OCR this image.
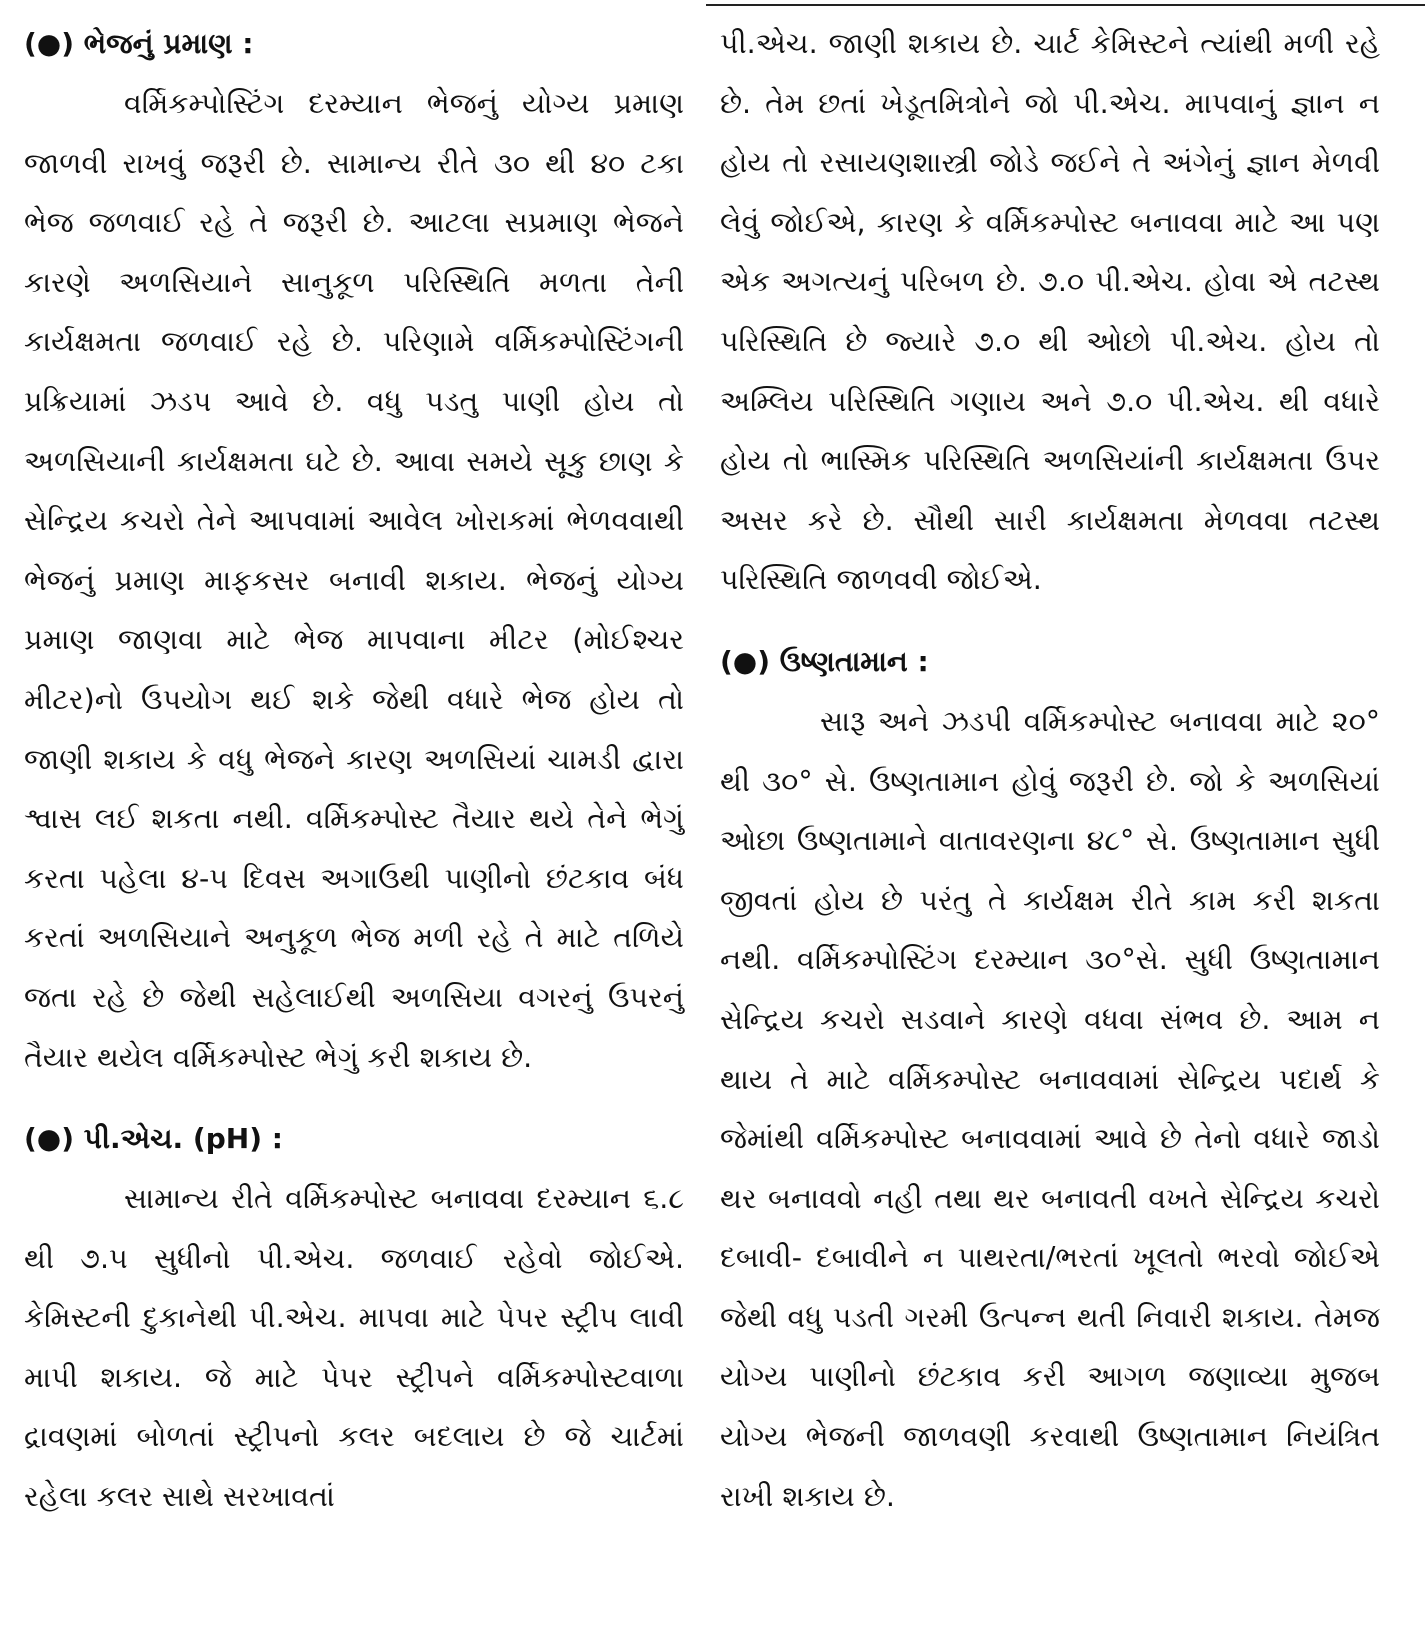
(●) ભેજનું પ્રમાણ :

વર્મિકમ્પોસ્ટિંગ દરમ્યાન ભેજનું યોગ્ય પ્રમાણ જાળવી રાખવું જરૂરી છે. સામાન્ય રીતે ૩૦ થી ૪૦ ટકા ભેજ જળવાઈ રહે તે જરૂરી છે. આટલા સપ્રમાણ ભેજને કારણે અળસિયાને સાનુકૂળ પરિસ્થિતિ મળતા તેની કાર્યક્ષમતા જળવાઈ રહે છે. પરિણામે વર્મિકમ્પોસ્ટિંગની પ્રક્રિયામાં ઝડપ આવે છે. વધુ પડતુ પાણી હોય તો અળસિયાની કાર્યક્ષમતા ઘટે છે. આવા સમયે સૂકુ છાણ કે સેન્દ્રિય કચરો તેને આપવામાં આવેલ ખોરાકમાં ભેળવવાથી ભેજનું પ્રમાણ માફકસર બનાવી શકાય. ભેજનું યોગ્ય પ્રમાણ જાણવા માટે ભેજ માપવાના મીટર (મોઈશ્ચર મીટર)નો ઉપયોગ થઈ શકે જેથી વધારે ભેજ હોય તો જાણી શકાય કે વધુ ભેજને કારણ અળસિયાં ચામડી દ્વારા શ્વાસ લઈ શકતા નથી. વર્મિકમ્પોસ્ટ તૈયાર થયે તેને ભેગું કરતા પહેલા ૪-૫ દિવસ અગાઉથી પાણીનો છંટકાવ બંધ કરતાં અળસિયાને અનુકૂળ ભેજ મળી રહે તે માટે તળિયે જતા રહે છે જેથી સહેલાઈથી અળસિયા વગરનું ઉપરનું તૈયાર થયેલ વર્મિકમ્પોસ્ટ ભેગું કરી શકાય છે.

(●) પી.એચ. (pH) :

સામાન્ય રીતે વર્મિકમ્પોસ્ટ બનાવવા દરમ્યાન ૬.૮ થી ૭.૫ સુધીનો પી.એચ. જળવાઈ રહેવો જોઈએ. કેમિસ્ટની દુકાનેથી પી.એચ. માપવા માટે પેપર સ્ટ્રીપ લાવી માપી શકાય. જે માટે પેપર સ્ટ્રીપને વર્મિકમ્પોસ્ટવાળા દ્રાવણમાં બોળતાં સ્ટ્રીપનો કલર બદલાય છે જે ચાર્ટમાં રહેલા કલર સાથે સરખાવતાં

પી.એચ. જાણી શકાય છે. ચાર્ટ કેમિસ્ટને ત્યાંથી મળી રહે છે. તેમ છતાં ખેડૂતમિત્રોને જો પી.એચ. માપવાનું જ્ઞાન ન હોય તો રસાયણશાસ્ત્રી જોડે જઈને તે અંગેનું જ્ઞાન મેળવી લેવું જોઈએ, કારણ કે વર્મિકમ્પોસ્ટ બનાવવા માટે આ પણ એક અગત્યનું પરિબળ છે. ૭.૦ પી.એચ. હોવા એ તટસ્થ પરિસ્થિતિ છે જ્યારે ૭.૦ થી ઓછો પી.એચ. હોય તો અમ્લિય પરિસ્થિતિ ગણાય અને ૭.૦ પી.એચ. થી વધારે હોય તો ભાસ્મિક પરિસ્થિતિ અળસિયાંની કાર્યક્ષમતા ઉપર અસર કરે છે. સૌથી સારી કાર્યક્ષમતા મેળવવા તટસ્થ પરિસ્થિતિ જાળવવી જોઈએ.

(●) ઉષ્ણતામાન :

સારૂ અને ઝડપી વર્મિકમ્પોસ્ટ બનાવવા માટે ૨૦° થી ૩૦° સે. ઉષ્ણતામાન હોવું જરૂરી છે. જો કે અળસિયાં ઓછા ઉષ્ણતામાને વાતાવરણના ૪૮° સે. ઉષ્ણતામાન સુધી જીવતાં હોય છે પરંતુ તે કાર્યક્ષમ રીતે કામ કરી શકતા નથી. વર્મિકમ્પોસ્ટિંગ દરમ્યાન ૩૦°સે. સુધી ઉષ્ણતામાન સેન્દ્રિય કચરો સડવાને કારણે વધવા સંભવ છે. આમ ન થાય તે માટે વર્મિકમ્પોસ્ટ બનાવવામાં સેન્દ્રિય પદાર્થ કે જેમાંથી વર્મિકમ્પોસ્ટ બનાવવામાં આવે છે તેનો વધારે જાડો થર બનાવવો નહી તથા થર બનાવતી વખતે સેન્દ્રિય કચરો દબાવી- દબાવીને ન પાથરતા/ભરતાં ખૂલતો ભરવો જોઈએ જેથી વધુ પડતી ગરમી ઉત્પન્ન થતી નિવારી શકાય. તેમજ યોગ્ય પાણીનો છંટકાવ કરી આગળ જણાવ્યા મુજબ યોગ્ય ભેજની જાળવણી કરવાથી ઉષ્ણતામાન નિયંત્રિત રાખી શકાય છે.
